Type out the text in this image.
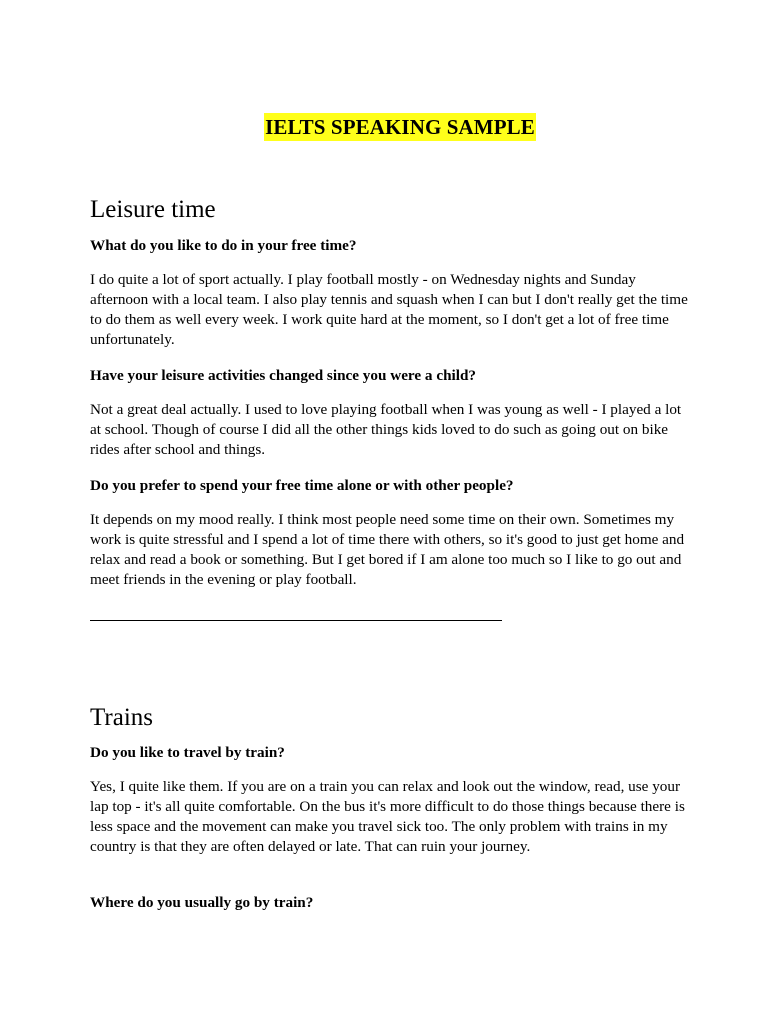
IELTS SPEAKING SAMPLE
Leisure time

What do you like to do in your free time?

I do quite a lot of sport actually. I play football mostly - on Wednesday nights and Sunday afternoon with a local team. I also play tennis and squash when I can but I don't really get the time to do them as well every week. I work quite hard at the moment, so I don't get a lot of free time unfortunately.

Have your leisure activities changed since you were a child?

Not a great deal actually. I used to love playing football when I was young as well - I played a lot at school. Though of course I did all the other things kids loved to do such as going out on bike rides after school and things.

Do you prefer to spend your free time alone or with other people?

It depends on my mood really. I think most people need some time on their own. Sometimes my work is quite stressful and I spend a lot of time there with others, so it's good to just get home and relax and read a book or something. But I get bored if I am alone too much so I like to go out and meet friends in the evening or play football.

Trains

Do you like to travel by train?

Yes, I quite like them. If you are on a train you can relax and look out the window, read, use your lap top - it's all quite comfortable. On the bus it's more difficult to do those things because there is less space and the movement can make you travel sick too. The only problem with trains in my country is that they are often delayed or late. That can ruin your journey.

Where do you usually go by train?
